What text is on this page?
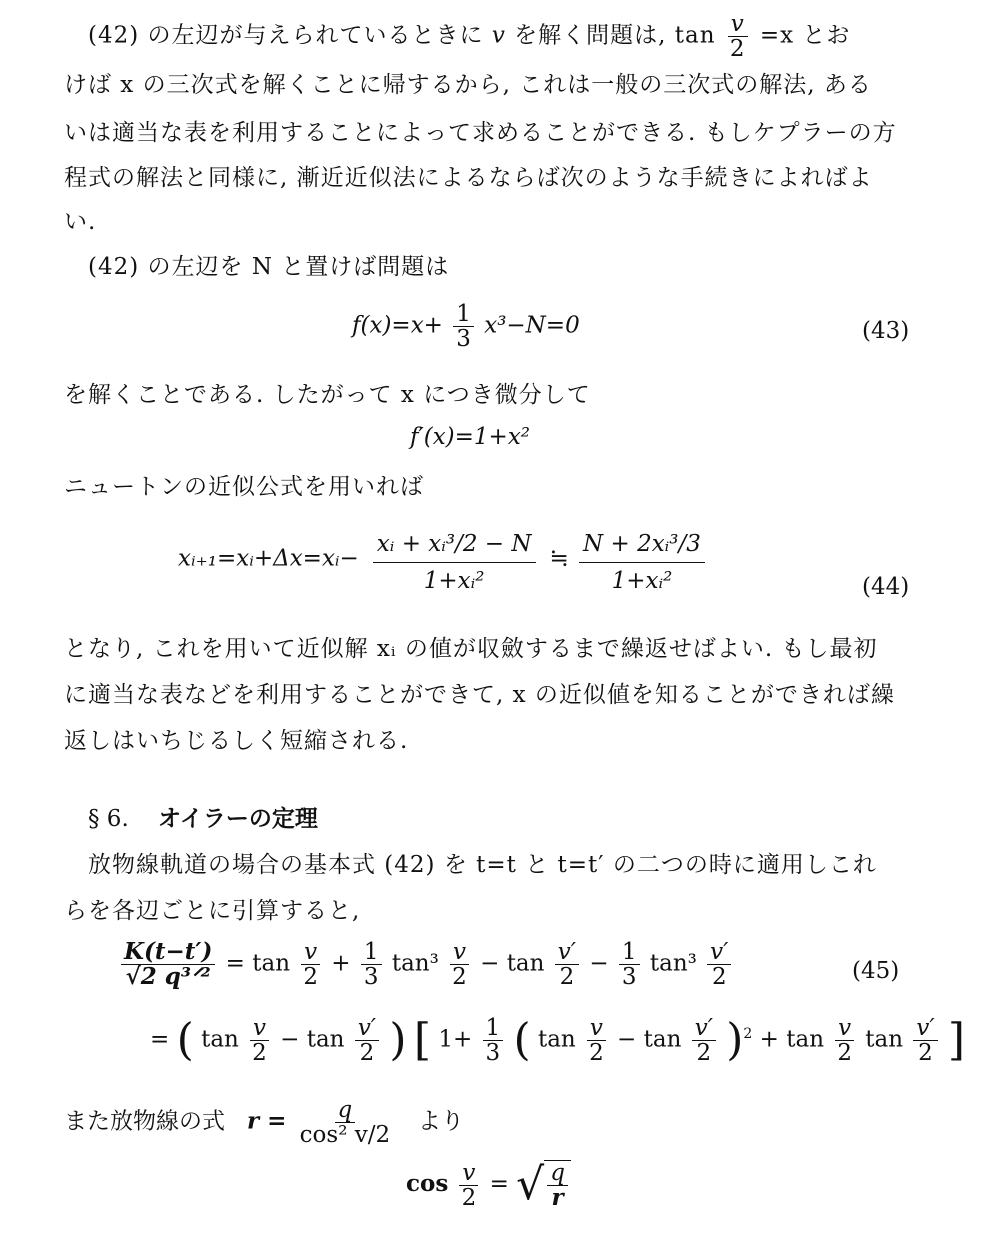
(42) の左辺が与えられているときに v を解く問題は, $\tan \frac{v}{2} =x$ とお
けば x の三次式を解くことに帰するから, これは一般の三次式の解法, ある
いは適当な表を利用することによって求めることができる. もしケプラーの方
程式の解法と同様に, 漸近近似法によるならば次のような手続きによればよ
い.
(42) の左辺を N と置けば問題は
$f(x)=x+ \frac{1}{3} x^3-N=0$	(43)
を解くことである. したがって x につき微分して
f′(x)=1+x²
ニュートンの近似公式を用いれば
xᵢ₊₁=xᵢ+Δx=xᵢ− $\frac{\text{xᵢ + xᵢ³/2 − N}}{\text{1+xᵢ²}}$ ≒ $\frac{\text{N + 2xᵢ³/3}}{\text{1+xᵢ²}}$	(44)
となり, これを用いて近似解 xᵢ の値が収斂するまで繰返せばよい. もし最初
に適当な表などを利用することができて, x の近似値を知ることができれば繰
返しはいちじるしく短縮される.
§ 6. オイラーの定理
放物線軌道の場合の基本式 (42) を t=t と t=t′ の二つの時に適用しこれ
らを各辺ごとに引算すると,
$\frac{K(t-t')}{\text{√2 q³ᐟ²}} = \tan \frac{v}{2} + \frac{1}{3} \tan^3 \frac{v}{2} - \tan \frac{v'}{2} - \frac{1}{3} \tan^3 \frac{v'}{2}$	(45)
= ( $\tan \frac{v}{2} - \tan \frac{v'}{2}$ ) [ $1+ \frac{1}{3}$ ( $\tan \frac{v}{2} - \tan \frac{v'}{2} )^2 + \tan \frac{v}{2}$ $\tan \frac{v'}{2}$ ]
また放物線の式 $r = \frac{q}{\text{cos² v/2}}$ より
$\cos \frac{v}{2}$ = √ $\frac{q}{r}$
